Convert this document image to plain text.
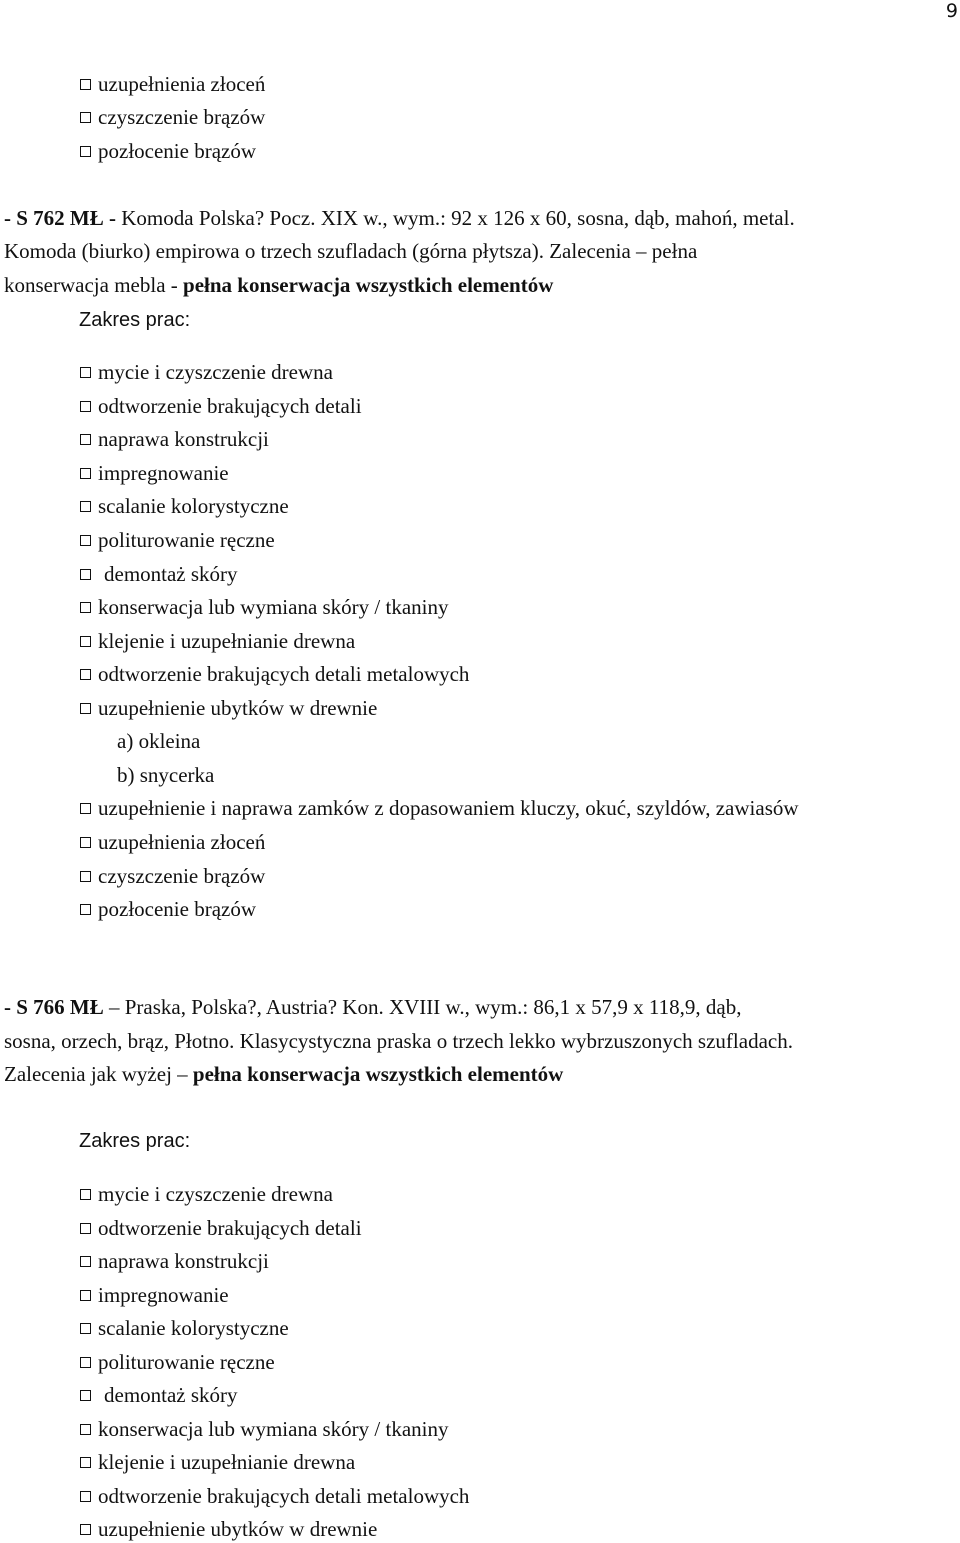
9
uzupełnienia złoceń
czyszczenie brązów
pozłocenie brązów
- S 762 MŁ - Komoda Polska? Pocz. XIX w., wym.: 92 x 126 x 60, sosna, dąb, mahoń, metal.
Komoda (biurko) empirowa o trzech szufladach (górna płytsza). Zalecenia – pełna
konserwacja mebla - pełna konserwacja wszystkich elementów
Zakres prac:
mycie i czyszczenie drewna
odtworzenie brakujących detali
naprawa konstrukcji
impregnowanie
scalanie kolorystyczne
politurowanie ręczne
demontaż skóry
konserwacja lub wymiana skóry / tkaniny
klejenie i uzupełnianie drewna
odtworzenie brakujących detali metalowych
uzupełnienie ubytków w drewnie
a) okleina
b) snycerka
uzupełnienie i naprawa zamków z dopasowaniem kluczy, okuć, szyldów, zawiasów
uzupełnienia złoceń
czyszczenie brązów
pozłocenie brązów
- S 766 MŁ – Praska, Polska?, Austria? Kon. XVIII w., wym.: 86,1 x 57,9 x 118,9, dąb,
sosna, orzech, brąz, Płotno. Klasycystyczna praska o trzech lekko wybrzuszonych szufladach.
Zalecenia jak wyżej – pełna konserwacja wszystkich elementów
Zakres prac:
mycie i czyszczenie drewna
odtworzenie brakujących detali
naprawa konstrukcji
impregnowanie
scalanie kolorystyczne
politurowanie ręczne
demontaż skóry
konserwacja lub wymiana skóry / tkaniny
klejenie i uzupełnianie drewna
odtworzenie brakujących detali metalowych
uzupełnienie ubytków w drewnie
